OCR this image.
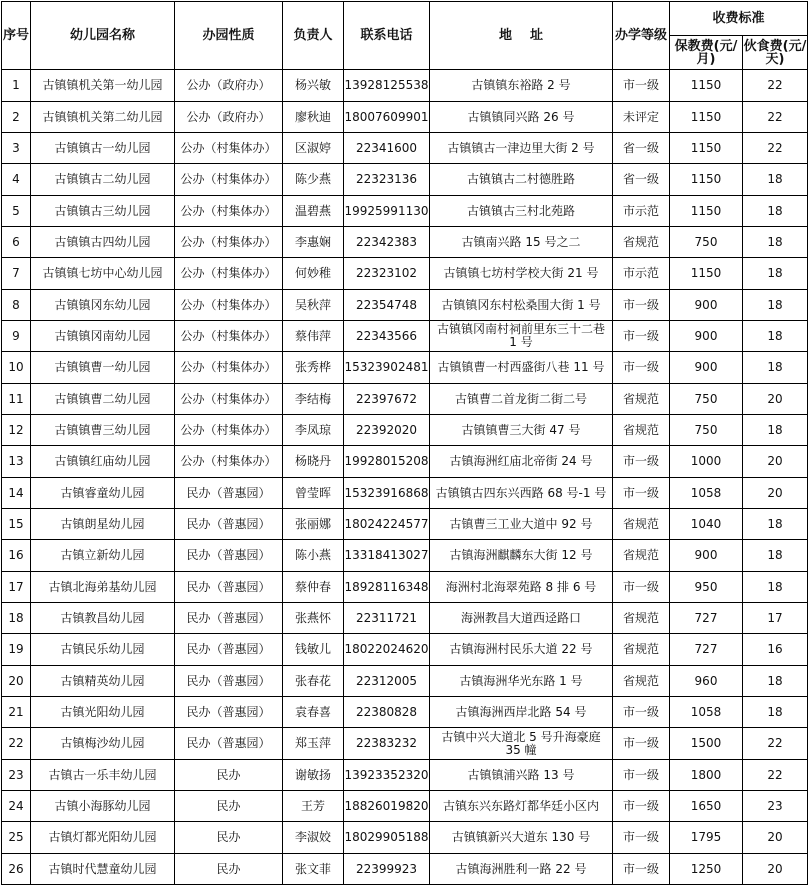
序号	幼儿园名称	办园性质	负责人	联系电话	地    址	办学等级	收费标准	
							保教费(元/月)	伙食费(元/天)
1	古镇镇机关第一幼儿园	公办（政府办）	杨兴敏	13928125538	古镇镇东裕路 2 号	市一级	1150	22
2	古镇镇机关第二幼儿园	公办（政府办）	廖秋迪	18007609901	古镇镇同兴路 26 号	未评定	1150	22
3	古镇镇古一幼儿园	公办（村集体办）	区淑婷	22341600	古镇镇古一津边里大街 2 号	省一级	1150	22
4	古镇镇古二幼儿园	公办（村集体办）	陈少燕	22323136	古镇镇古二村德胜路	省一级	1150	18
5	古镇镇古三幼儿园	公办（村集体办）	温碧燕	19925991130	古镇镇古三村北苑路	市示范	1150	18
6	古镇镇古四幼儿园	公办（村集体办）	李惠娴	22342383	古镇南兴路 15 号之二	省规范	750	18
7	古镇镇七坊中心幼儿园	公办（村集体办）	何妙稚	22323102	古镇镇七坊村学校大街 21 号	市示范	1150	18
8	古镇镇冈东幼儿园	公办（村集体办）	吴秋萍	22354748	古镇镇冈东村松桑围大街 1 号	市一级	900	18
9	古镇镇冈南幼儿园	公办（村集体办）	蔡伟萍	22343566	古镇镇冈南村祠前里东三十二巷 1 号	市一级	900	18
10	古镇镇曹一幼儿园	公办（村集体办）	张秀桦	15323902481	古镇镇曹一村西盛街八巷 11 号	市一级	900	18
11	古镇镇曹二幼儿园	公办（村集体办）	李结梅	22397672	古镇曹二首龙街二街二号	省规范	750	20
12	古镇镇曹三幼儿园	公办（村集体办）	李凤琼	22392020	古镇镇曹三大街 47 号	省规范	750	18
13	古镇镇红庙幼儿园	公办（村集体办）	杨晓丹	19928015208	古镇海洲红庙北帝街 24 号	市一级	1000	20
14	古镇睿童幼儿园	民办（普惠园）	曾莹晖	15323916868	古镇镇古四东兴西路 68 号-1 号	市一级	1058	20
15	古镇朗星幼儿园	民办（普惠园）	张丽娜	18024224577	古镇曹三工业大道中 92 号	省规范	1040	18
16	古镇立新幼儿园	民办（普惠园）	陈小燕	13318413027	古镇海洲麒麟东大街 12 号	省规范	900	18
17	古镇北海弟基幼儿园	民办（普惠园）	蔡仲春	18928116348	海洲村北海翠苑路 8 排 6 号	市一级	950	18
18	古镇教昌幼儿园	民办（普惠园）	张燕怀	22311721	海洲教昌大道西迳路口	省规范	727	17
19	古镇民乐幼儿园	民办（普惠园）	钱敏儿	18022024620	古镇海洲村民乐大道 22 号	省规范	727	16
20	古镇精英幼儿园	民办（普惠园）	张春花	22312005	古镇海洲华光东路 1 号	省规范	960	18
21	古镇光阳幼儿园	民办（普惠园）	袁春喜	22380828	古镇海洲西岸北路 54 号	市一级	1058	18
22	古镇梅沙幼儿园	民办（普惠园）	郑玉萍	22383232	古镇中兴大道北 5 号升海豪庭 35 幢	市一级	1500	22
23	古镇古一乐丰幼儿园	民办	谢敏扬	13923352320	古镇镇浦兴路 13 号	市一级	1800	22
24	古镇小海豚幼儿园	民办	王芳	18826019820	古镇东兴东路灯都华廷小区内	市一级	1650	23
25	古镇灯都光阳幼儿园	民办	李淑姣	18029905188	古镇镇新兴大道东 130 号	市一级	1795	20
26	古镇时代慧童幼儿园	民办	张文菲	22399923	古镇海洲胜利一路 22 号	市一级	1250	20
